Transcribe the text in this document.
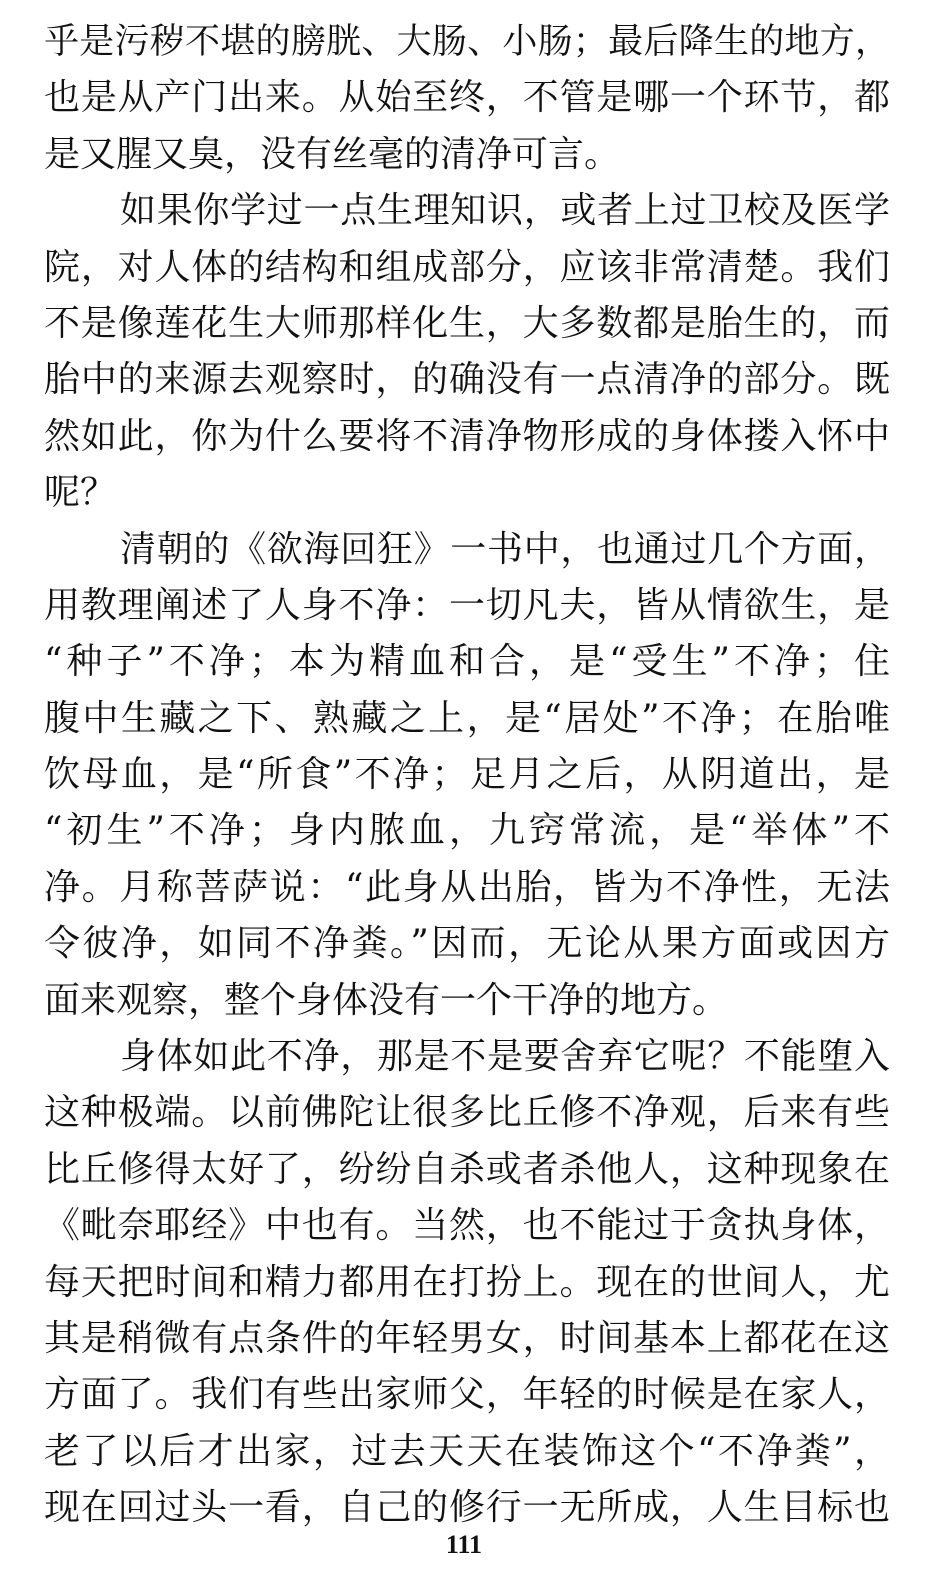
乎是污秽不堪的膀胱、大肠、小肠；最后降生的地方，
也是从产门出来。从始至终，不管是哪一个环节，都
是又腥又臭，没有丝毫的清净可言。
如果你学过一点生理知识，或者上过卫校及医学
院，对人体的结构和组成部分，应该非常清楚。我们
不是像莲花生大师那样化生，大多数都是胎生的，而
胎中的来源去观察时，的确没有一点清净的部分。既
然如此，你为什么要将不清净物形成的身体搂入怀中
呢？
清朝的《欲海回狂》一书中，也通过几个方面，
用教理阐述了人身不净：一切凡夫，皆从情欲生，是
“种子”不净；本为精血和合，是“受生”不净；住
腹中生藏之下、熟藏之上，是“居处”不净；在胎唯
饮母血，是“所食”不净；足月之后，从阴道出，是
“初生”不净；身内脓血，九窍常流，是“举体”不
净。月称菩萨说：“此身从出胎，皆为不净性，无法
令彼净，如同不净粪。”因而，无论从果方面或因方
面来观察，整个身体没有一个干净的地方。
身体如此不净，那是不是要舍弃它呢？不能堕入
这种极端。以前佛陀让很多比丘修不净观，后来有些
比丘修得太好了，纷纷自杀或者杀他人，这种现象在
《毗奈耶经》中也有。当然，也不能过于贪执身体，
每天把时间和精力都用在打扮上。现在的世间人，尤
其是稍微有点条件的年轻男女，时间基本上都花在这
方面了。我们有些出家师父，年轻的时候是在家人，
老了以后才出家，过去天天在装饰这个“不净粪”，
现在回过头一看，自己的修行一无所成，人生目标也
111
